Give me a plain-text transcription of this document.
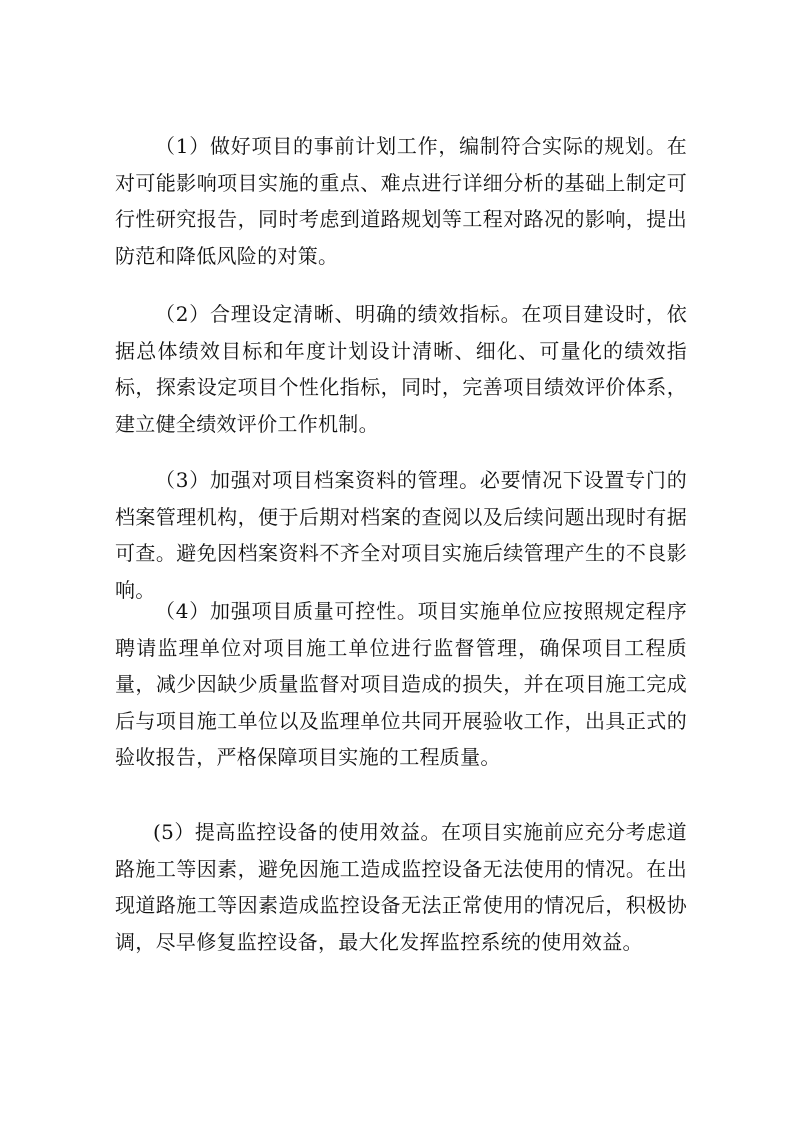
（1）做好项目的事前计划工作，编制符合实际的规划。在对可能影响项目实施的重点、难点进行详细分析的基础上制定可行性研究报告，同时考虑到道路规划等工程对路况的影响，提出防范和降低风险的对策。

（2）合理设定清晰、明确的绩效指标。在项目建设时，依据总体绩效目标和年度计划设计清晰、细化、可量化的绩效指标，探索设定项目个性化指标，同时，完善项目绩效评价体系，建立健全绩效评价工作机制。

（3）加强对项目档案资料的管理。必要情况下设置专门的档案管理机构，便于后期对档案的查阅以及后续问题出现时有据可查。避免因档案资料不齐全对项目实施后续管理产生的不良影响。

（4）加强项目质量可控性。项目实施单位应按照规定程序聘请监理单位对项目施工单位进行监督管理，确保项目工程质量，减少因缺少质量监督对项目造成的损失，并在项目施工完成后与项目施工单位以及监理单位共同开展验收工作，出具正式的验收报告，严格保障项目实施的工程质量。

(5）提高监控设备的使用效益。在项目实施前应充分考虑道路施工等因素，避免因施工造成监控设备无法使用的情况。在出现道路施工等因素造成监控设备无法正常使用的情况后，积极协调，尽早修复监控设备，最大化发挥监控系统的使用效益。
